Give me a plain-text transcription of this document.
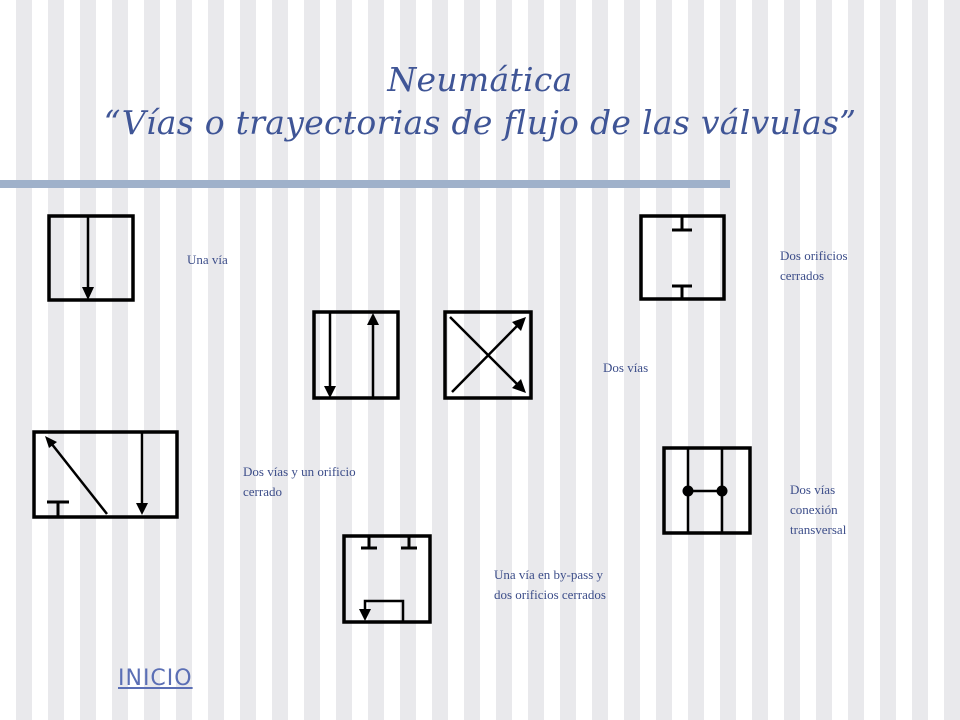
Neumática
“Vías o trayectorias de flujo de las válvulas”
Una vía	Dos orificios cerrados
Dos vías
Dos vías y un orificio cerrado	Dos vías conexión transversal
Una vía en by-pass y dos orificios cerrados
INICIO
